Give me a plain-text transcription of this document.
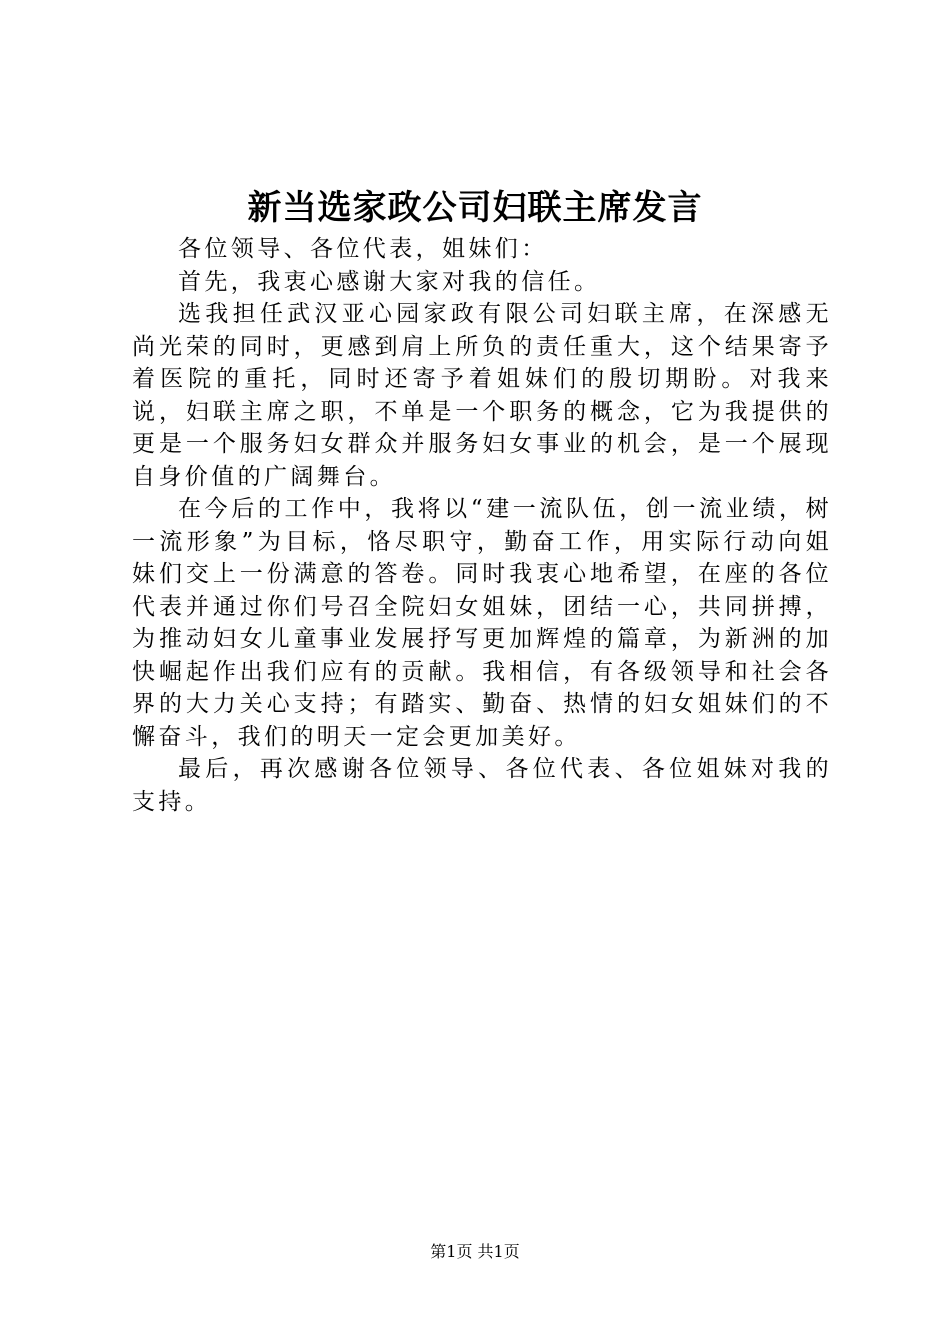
新当选家政公司妇联主席发言

各位领导、各位代表，姐妹们：

首先，我衷心感谢大家对我的信任。

选我担任武汉亚心园家政有限公司妇联主席，在深感无尚光荣的同时，更感到肩上所负的责任重大，这个结果寄予着医院的重托，同时还寄予着姐妹们的殷切期盼。对我来说，妇联主席之职，不单是一个职务的概念，它为我提供的更是一个服务妇女群众并服务妇女事业的机会，是一个展现自身价值的广阔舞台。

在今后的工作中，我将以“建一流队伍，创一流业绩，树一流形象”为目标，恪尽职守，勤奋工作，用实际行动向姐妹们交上一份满意的答卷。同时我衷心地希望，在座的各位代表并通过你们号召全院妇女姐妹，团结一心，共同拼搏，为推动妇女儿童事业发展抒写更加辉煌的篇章，为新洲的加快崛起作出我们应有的贡献。我相信，有各级领导和社会各界的大力关心支持；有踏实、勤奋、热情的妇女姐妹们的不懈奋斗，我们的明天一定会更加美好。

最后，再次感谢各位领导、各位代表、各位姐妹对我的支持。

第1页 共1页
